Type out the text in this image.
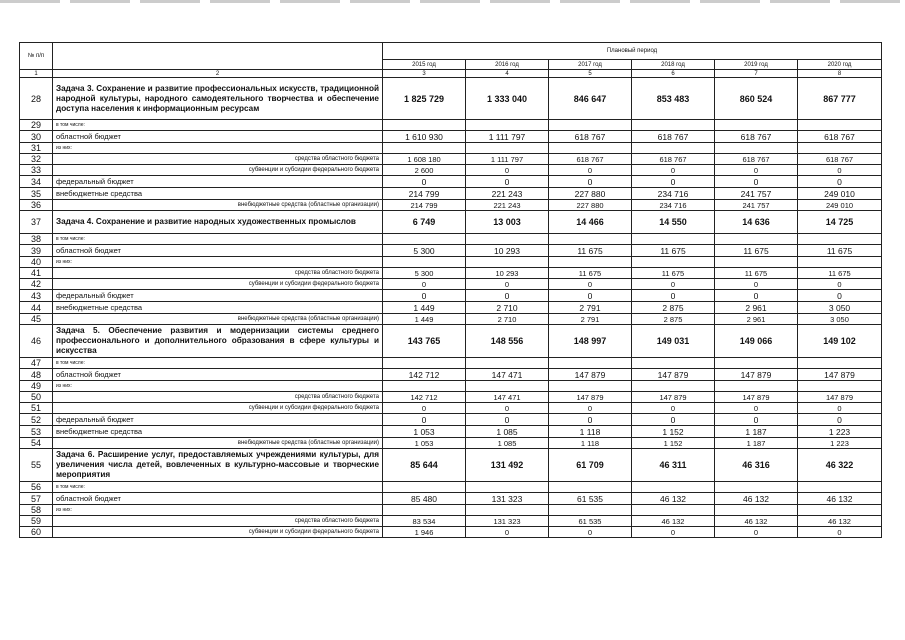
№ п/п		Плановый период					
		2015 год	2016 год	2017 год	2018 год	2019 год	2020 год
1	2	3	4	5	6	7	8
28	Задача 3. Сохранение и развитие профессиональных искусств, традиционной народной культуры, народного самодеятельного творчества и обеспечение доступа населения к информационным ресурсам	1 825 729	1 333 040	846 647	853 483	860 524	867 777
29	в том числе:						
30	областной бюджет	1 610 930	1 111 797	618 767	618 767	618 767	618 767
31	из них:						
32	средства областного бюджета	1 608 180	1 111 797	618 767	618 767	618 767	618 767
33	субвенции и субсидии федерального бюджета	2 600	0	0	0	0	0
34	федеральный бюджет	0	0	0	0	0	0
35	внебюджетные средства	214 799	221 243	227 880	234 716	241 757	249 010
36	внебюджетные средства (областные организации)	214 799	221 243	227 880	234 716	241 757	249 010
37	Задача 4. Сохранение и развитие народных художественных промыслов	6 749	13 003	14 466	14 550	14 636	14 725
38	в том числе:						
39	областной бюджет	5 300	10 293	11 675	11 675	11 675	11 675
40	из них:						
41	средства областного бюджета	5 300	10 293	11 675	11 675	11 675	11 675
42	субвенции и субсидии федерального бюджета	0	0	0	0	0	0
43	федеральный бюджет	0	0	0	0	0	0
44	внебюджетные средства	1 449	2 710	2 791	2 875	2 961	3 050
45	внебюджетные средства (областные организации)	1 449	2 710	2 791	2 875	2 961	3 050
46	Задача 5. Обеспечение развития и модернизации системы среднего профессионального и дополнительного образования в сфере культуры и искусства	143 765	148 556	148 997	149 031	149 066	149 102
47	в том числе:						
48	областной бюджет	142 712	147 471	147 879	147 879	147 879	147 879
49	из них:						
50	средства областного бюджета	142 712	147 471	147 879	147 879	147 879	147 879
51	субвенции и субсидии федерального бюджета	0	0	0	0	0	0
52	федеральный бюджет	0	0	0	0	0	0
53	внебюджетные средства	1 053	1 085	1 118	1 152	1 187	1 223
54	внебюджетные средства (областные организации)	1 053	1 085	1 118	1 152	1 187	1 223
55	Задача 6. Расширение услуг, предоставляемых учреждениями культуры, для увеличения числа детей, вовлеченных в культурно-массовые и творческие мероприятия	85 644	131 492	61 709	46 311	46 316	46 322
56	в том числе:						
57	областной бюджет	85 480	131 323	61 535	46 132	46 132	46 132
58	из них:						
59	средства областного бюджета	83 534	131 323	61 535	46 132	46 132	46 132
60	субвенции и субсидии федерального бюджета	1 946	0	0	0	0	0
